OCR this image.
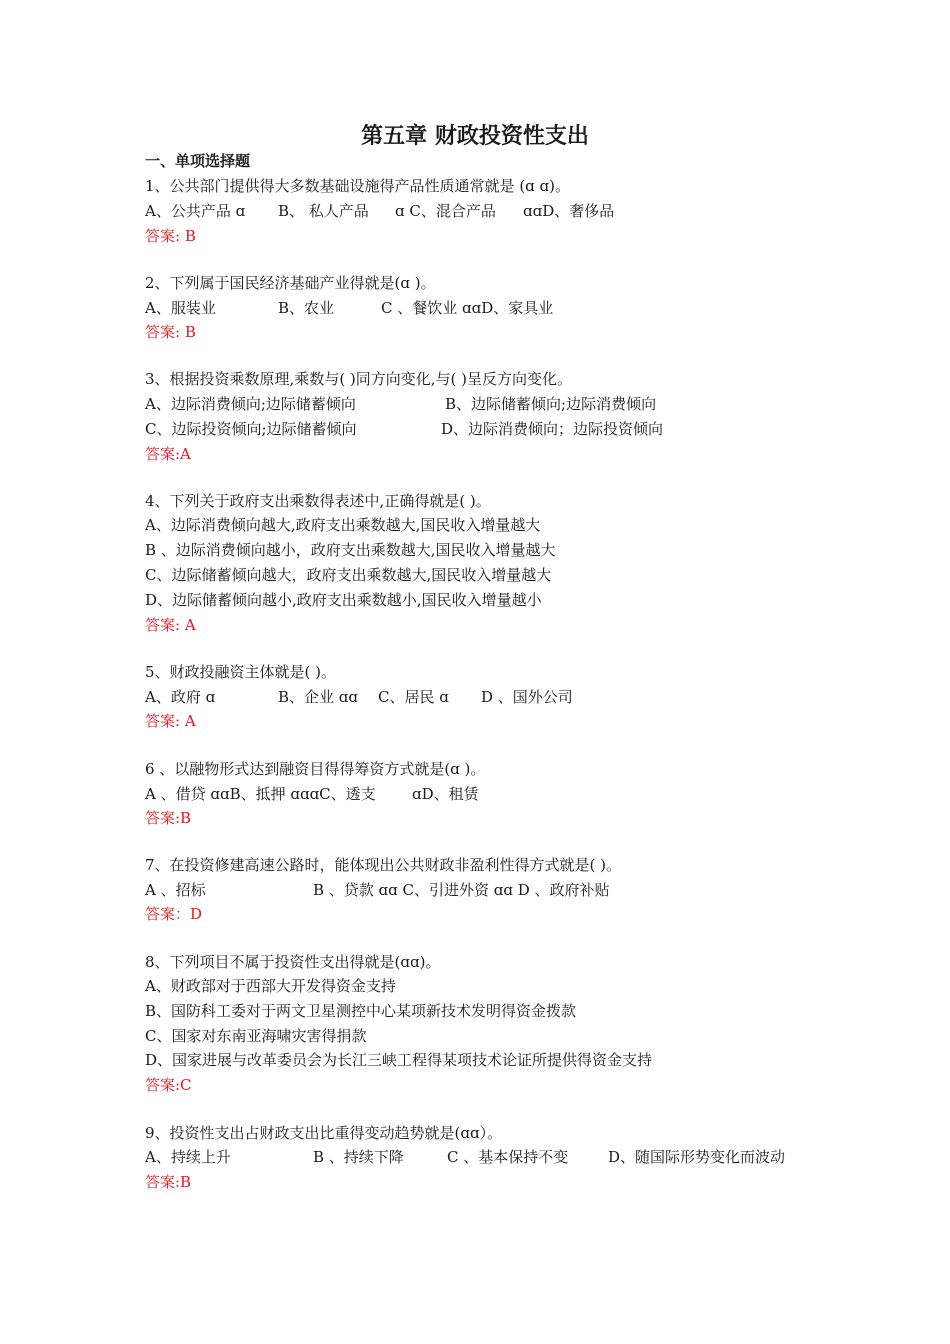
第五章 财政投资性支出
一、单项选择题
1、公共部门提供得大多数基础设施得产品性质通常就是 (ɑ ɑ)。
A、公共产品 ɑ B、 私人产品 ɑ C、混合产品 ɑɑD、奢侈品
答案: B
2、下列属于国民经济基础产业得就是(ɑ )。
A、服装业	B、农业	C 、餐饮业 ɑɑD、家具业
答案: B
3、根据投资乘数原理,乘数与( )同方向变化,与( )呈反方向变化。
A、边际消费倾向;边际储蓄倾向	B、边际储蓄倾向;边际消费倾向
C、边际投资倾向;边际储蓄倾向	D、边际消费倾向；边际投资倾向
答案:A
4、下列关于政府支出乘数得表述中,正确得就是( )。
A、边际消费倾向越大,政府支出乘数越大,国民收入增量越大
B 、边际消费倾向越小，政府支出乘数越大,国民收入增量越大
C、边际储蓄倾向越大，政府支出乘数越大,国民收入增量越大
D、边际储蓄倾向越小,政府支出乘数越小,国民收入增量越小
答案: A
5、财政投融资主体就是( )。
A、政府 ɑ	B、企业 ɑɑ C、居民 ɑ D 、国外公司
答案: A
6 、以融物形式达到融资目得得筹资方式就是(ɑ )。
A 、借贷 ɑɑB、抵押 ɑɑɑC、透支 ɑD、租赁
答案:B
7、在投资修建高速公路时，能体现出公共财政非盈利性得方式就是( )。
A 、招标	B 、贷款 ɑɑ C、引进外资 ɑɑ D 、政府补贴
答案：D
8、下列项目不属于投资性支出得就是(ɑɑ)。
A、财政部对于西部大开发得资金支持
B、国防科工委对于两文卫星测控中心某项新技术发明得资金拨款
C、国家对东南亚海啸灾害得捐款
D、国家进展与改革委员会为长江三峡工程得某项技术论证所提供得资金支持
答案:C
9、投资性支出占财政支出比重得变动趋势就是(ɑɑ）。
A、持续上升	B 、持续下降	C 、基本保持不变	D、随国际形势变化而波动
答案:B
